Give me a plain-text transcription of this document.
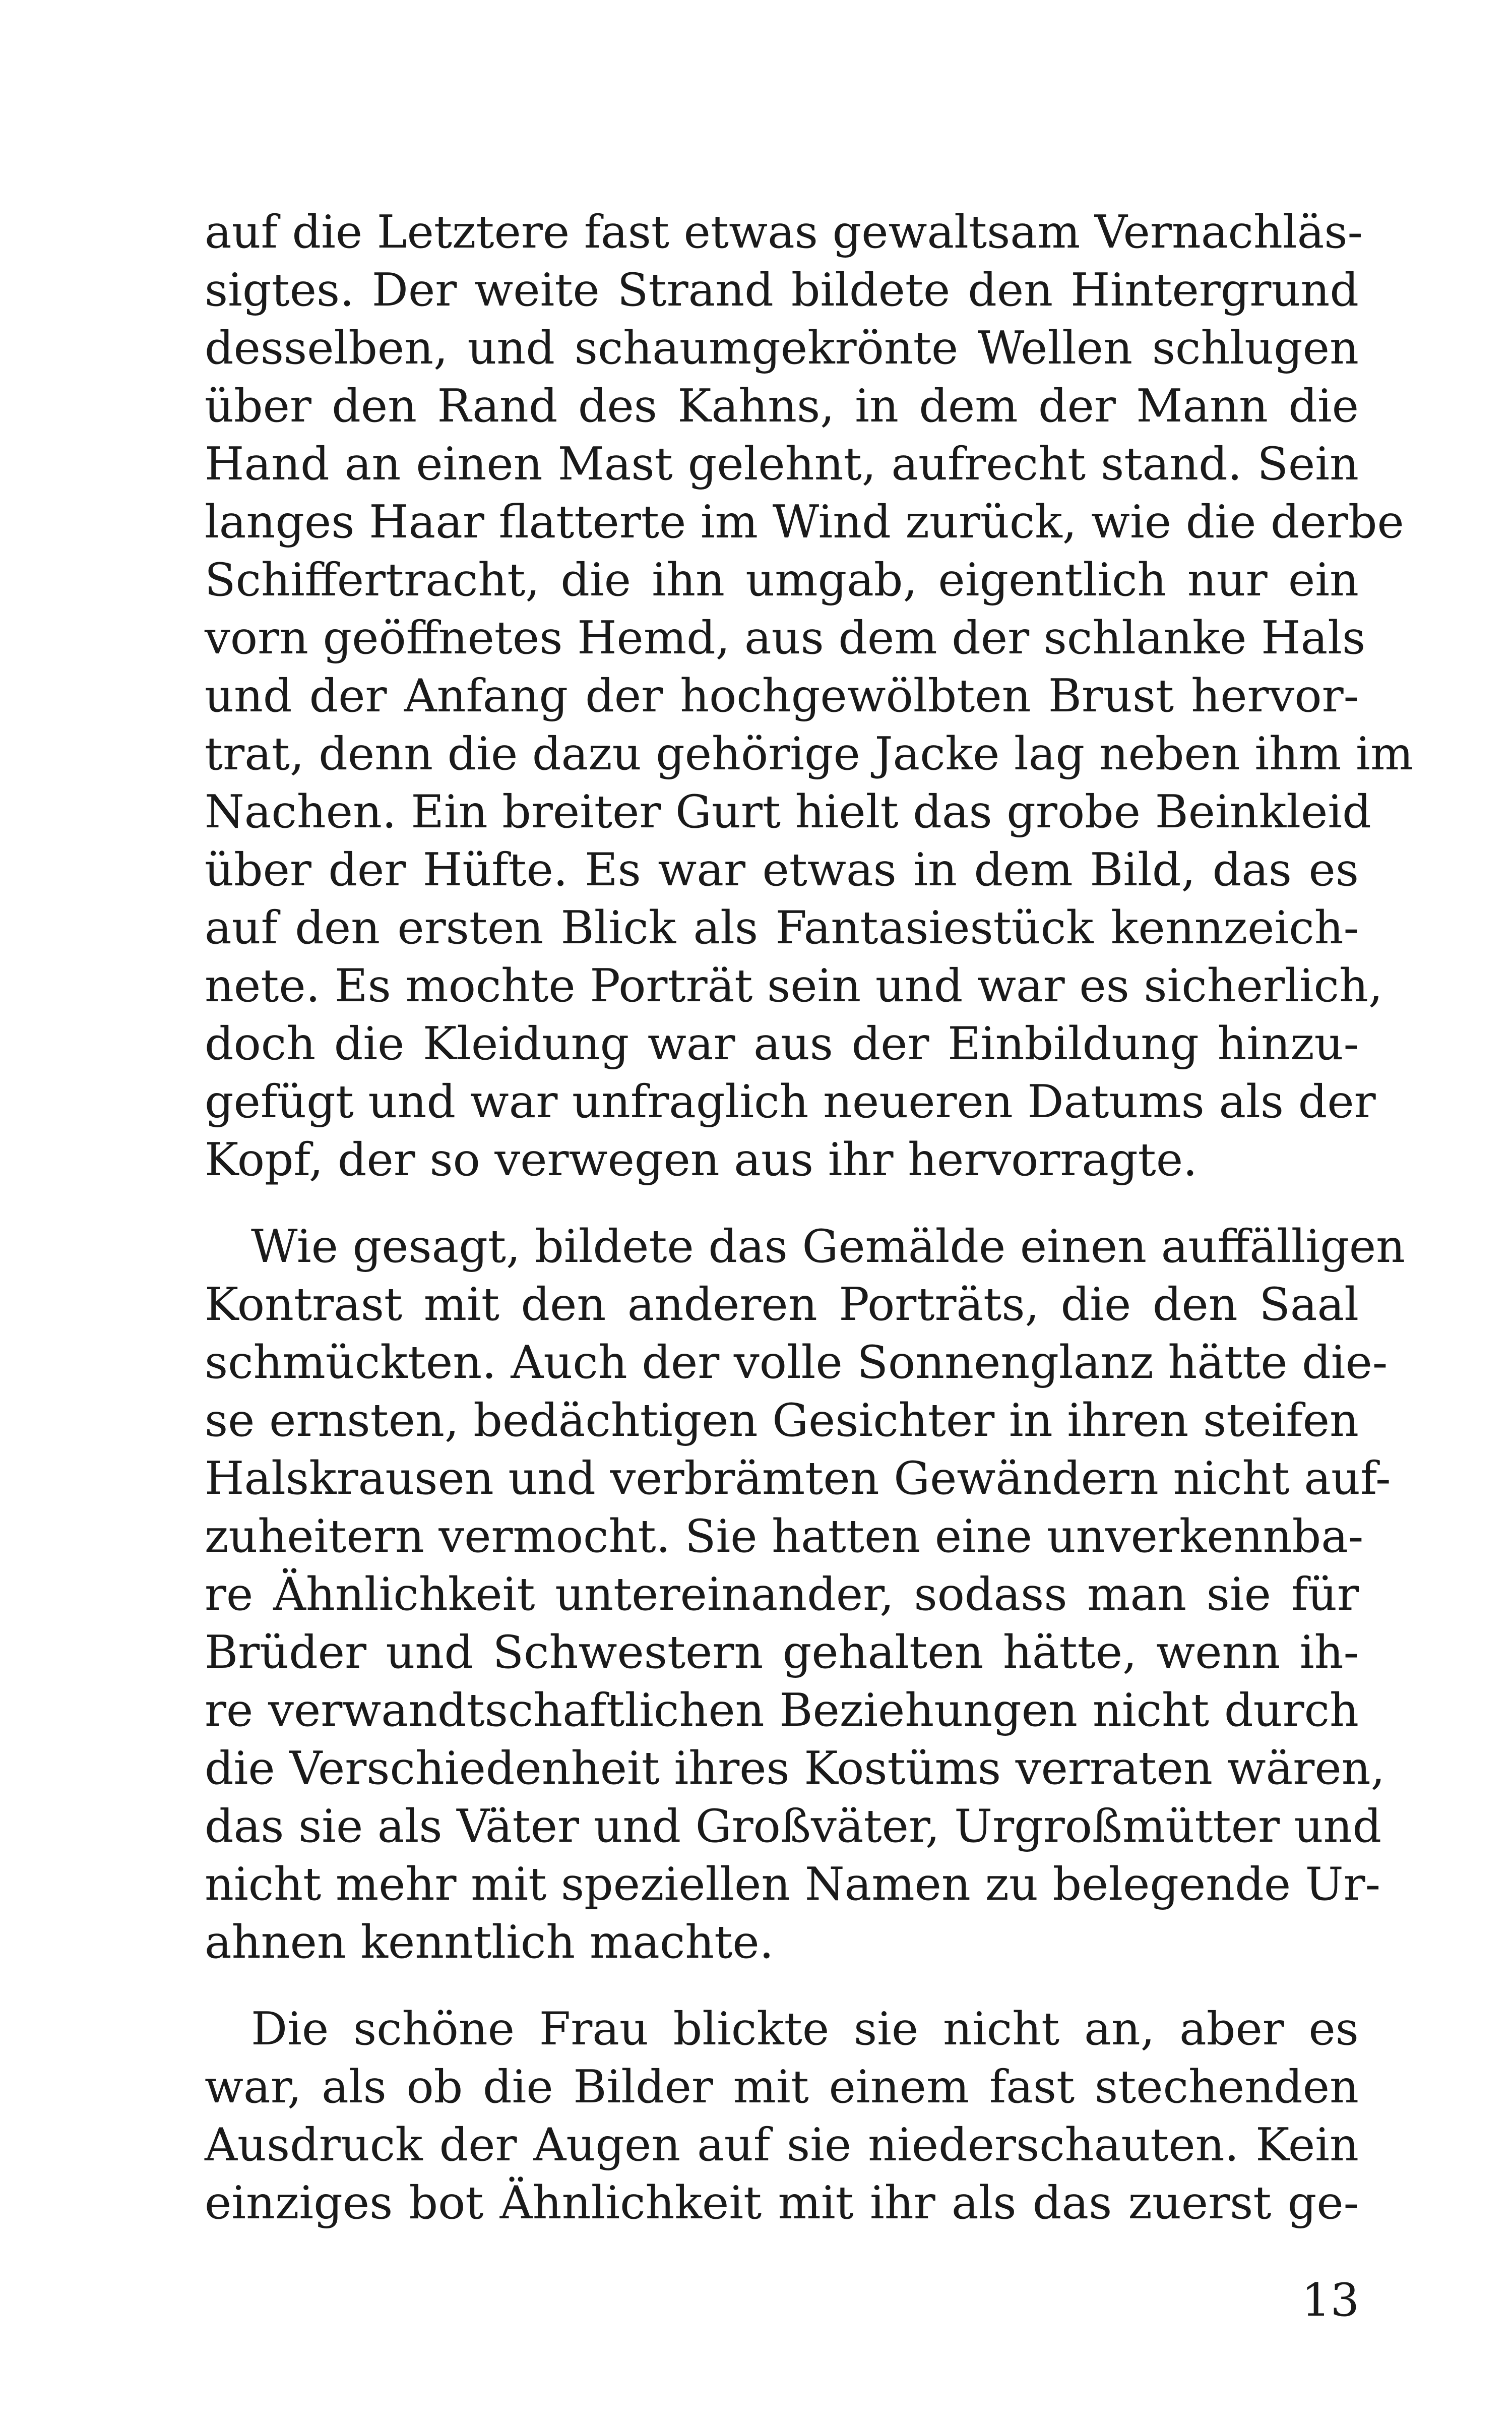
auf die Letztere fast etwas gewaltsam Vernachläs-
sigtes. Der weite Strand bildete den Hintergrund
desselben, und schaumgekrönte Wellen schlugen
über den Rand des Kahns, in dem der Mann die
Hand an einen Mast gelehnt, aufrecht stand. Sein
langes Haar flatterte im Wind zurück, wie die derbe
Schiffertracht, die ihn umgab, eigentlich nur ein
vorn geöffnetes Hemd, aus dem der schlanke Hals
und der Anfang der hochgewölbten Brust hervor-
trat, denn die dazu gehörige Jacke lag neben ihm im
Nachen. Ein breiter Gurt hielt das grobe Beinkleid
über der Hüfte. Es war etwas in dem Bild, das es
auf den ersten Blick als Fantasiestück kennzeich-
nete. Es mochte Porträt sein und war es sicherlich,
doch die Kleidung war aus der Einbildung hinzu-
gefügt und war unfraglich neueren Datums als der
Kopf, der so verwegen aus ihr hervorragte.
Wie gesagt, bildete das Gemälde einen auffälligen
Kontrast mit den anderen Porträts, die den Saal
schmückten. Auch der volle Sonnenglanz hätte die-
se ernsten, bedächtigen Gesichter in ihren steifen
Halskrausen und verbrämten Gewändern nicht auf-
zuheitern vermocht. Sie hatten eine unverkennba-
re Ähnlichkeit untereinander, sodass man sie für
Brüder und Schwestern gehalten hätte, wenn ih-
re verwandtschaftlichen Beziehungen nicht durch
die Verschiedenheit ihres Kostüms verraten wären,
das sie als Väter und Großväter, Urgroßmütter und
nicht mehr mit speziellen Namen zu belegende Ur-
ahnen kenntlich machte.
Die schöne Frau blickte sie nicht an, aber es
war, als ob die Bilder mit einem fast stechenden
Ausdruck der Augen auf sie niederschauten. Kein
einziges bot Ähnlichkeit mit ihr als das zuerst ge-
13
